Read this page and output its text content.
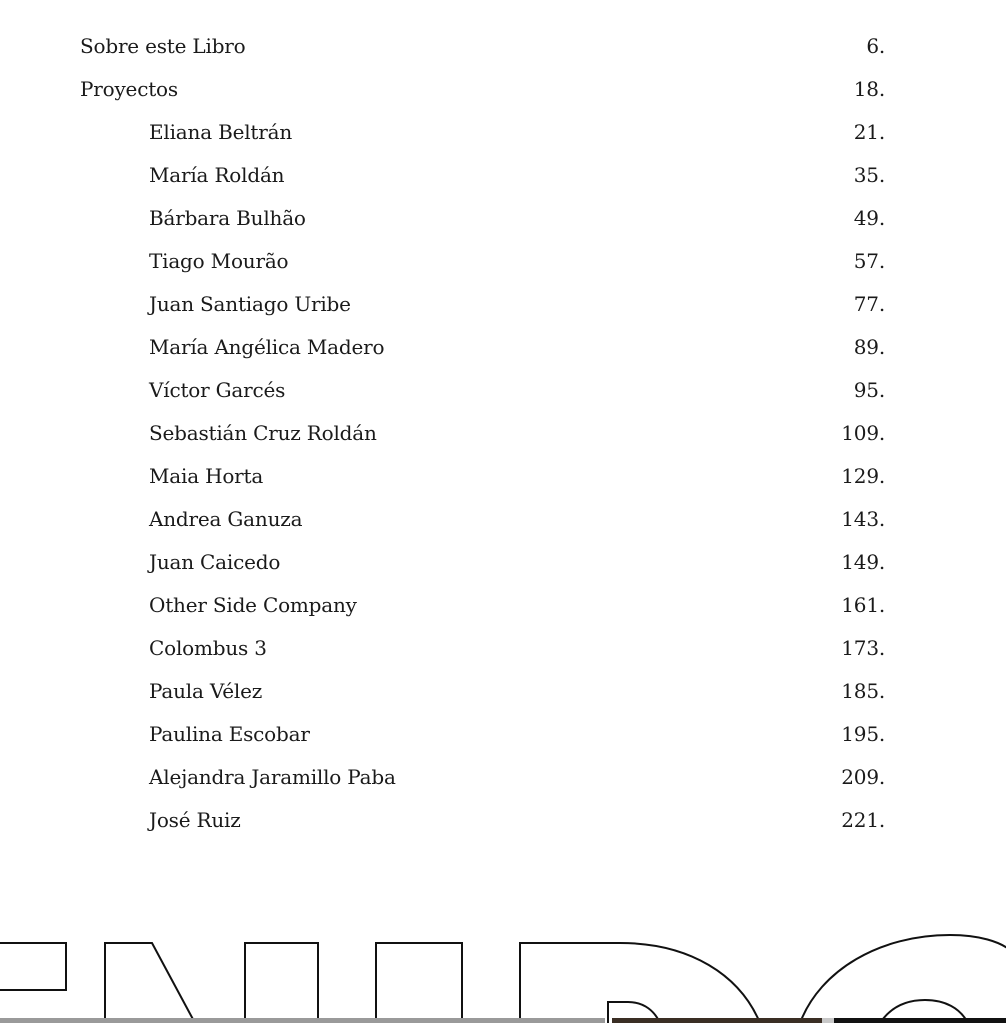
Sobre este Libro	6.
Proyectos	18.
Eliana Beltrán	21.
María Roldán	35.
Bárbara Bulhão	49.
Tiago Mourão	57.
Juan Santiago Uribe	77.
María Angélica Madero	89.
Víctor Garcés	95.
Sebastián Cruz Roldán	109.
Maia Horta	129.
Andrea Ganuza	143.
Juan Caicedo	149.
Other Side Company	161.
Colombus 3	173.
Paula Vélez	185.
Paulina Escobar	195.
Alejandra Jaramillo Paba	209.
José Ruiz	221.
